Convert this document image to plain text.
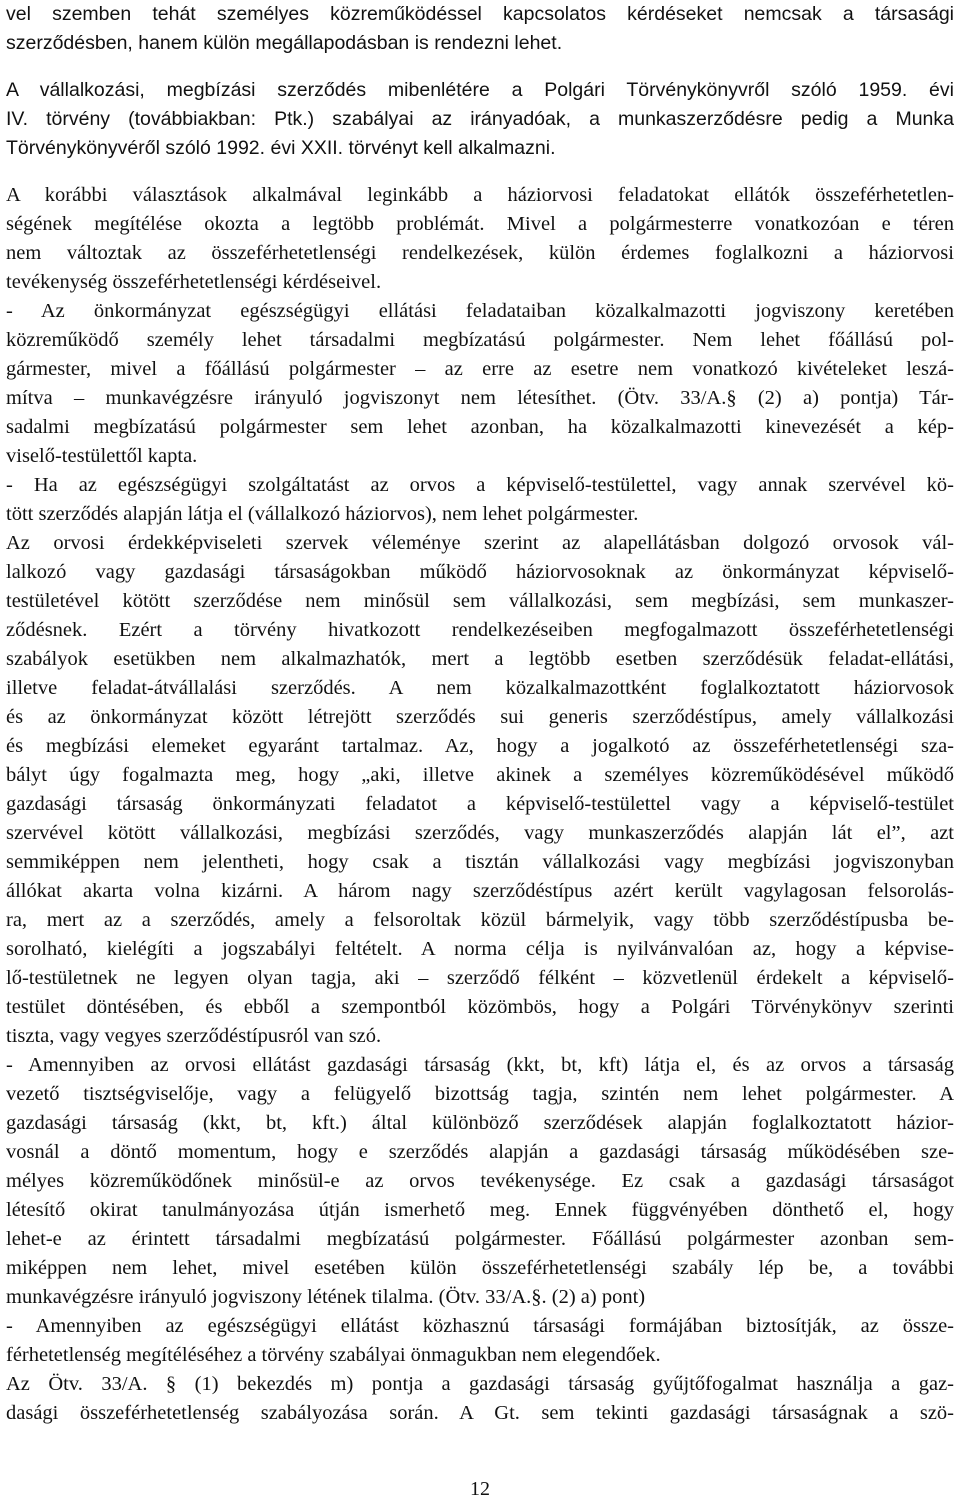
vel szemben tehát személyes közreműködéssel kapcsolatos kérdéseket nemcsak a társasági
szerződésben, hanem külön megállapodásban is rendezni lehet.
A vállalkozási, megbízási szerződés mibenlétére a Polgári Törvénykönyvről szóló 1959. évi
IV. törvény (továbbiakban: Ptk.) szabályai az irányadóak, a munkaszerződésre pedig a Munka
Törvénykönyvéről szóló 1992. évi XXII. törvényt kell alkalmazni.
A korábbi választások alkalmával leginkább a háziorvosi feladatokat ellátók összeférhetetlen-
ségének megítélése okozta a legtöbb problémát. Mivel a polgármesterre vonatkozóan e téren
nem változtak az összeférhetetlenségi rendelkezések, külön érdemes foglalkozni a háziorvosi
tevékenység összeférhetetlenségi kérdéseivel.
- Az önkormányzat egészségügyi ellátási feladataiban közalkalmazotti jogviszony keretében
közreműködő személy lehet társadalmi megbízatású polgármester. Nem lehet főállású pol-
gármester, mivel a főállású polgármester – az erre az esetre nem vonatkozó kivételeket leszá-
mítva – munkavégzésre irányuló jogviszonyt nem létesíthet. (Ötv. 33/A.§ (2) a) pontja) Tár-
sadalmi megbízatású polgármester sem lehet azonban, ha közalkalmazotti kinevezését a kép-
viselő-testülettől kapta.
- Ha az egészségügyi szolgáltatást az orvos a képviselő-testülettel, vagy annak szervével kö-
tött szerződés alapján látja el (vállalkozó háziorvos), nem lehet polgármester.
Az orvosi érdekképviseleti szervek véleménye szerint az alapellátásban dolgozó orvosok vál-
lalkozó vagy gazdasági társaságokban működő háziorvosoknak az önkormányzat képviselő-
testületével kötött szerződése nem minősül sem vállalkozási, sem megbízási, sem munkaszer-
ződésnek. Ezért a törvény hivatkozott rendelkezéseiben megfogalmazott összeférhetetlenségi
szabályok esetükben nem alkalmazhatók, mert a legtöbb esetben szerződésük feladat-ellátási,
illetve feladat-átvállalási szerződés. A nem közalkalmazottként foglalkoztatott háziorvosok
és az önkormányzat között létrejött szerződés sui generis szerződéstípus, amely vállalkozási
és megbízási elemeket egyaránt tartalmaz. Az, hogy a jogalkotó az összeférhetetlenségi sza-
bályt úgy fogalmazta meg, hogy „aki, illetve akinek a személyes közreműködésével működő
gazdasági társaság önkormányzati feladatot a képviselő-testülettel vagy a képviselő-testület
szervével kötött vállalkozási, megbízási szerződés, vagy munkaszerződés alapján lát el”, azt
semmiképpen nem jelentheti, hogy csak a tisztán vállalkozási vagy megbízási jogviszonyban
állókat akarta volna kizárni. A három nagy szerződéstípus azért került vagylagosan felsorolás-
ra, mert az a szerződés, amely a felsoroltak közül bármelyik, vagy több szerződéstípusba be-
sorolható, kielégíti a jogszabályi feltételt. A norma célja is nyilvánvalóan az, hogy a képvise-
lő-testületnek ne legyen olyan tagja, aki – szerződő félként – közvetlenül érdekelt a képviselő-
testület döntésében, és ebből a szempontból közömbös, hogy a Polgári Törvénykönyv szerinti
tiszta, vagy vegyes szerződéstípusról van szó.
- Amennyiben az orvosi ellátást gazdasági társaság (kkt, bt, kft) látja el, és az orvos a társaság
vezető tisztségviselője, vagy a felügyelő bizottság tagja, szintén nem lehet polgármester. A
gazdasági társaság (kkt, bt, kft.) által különböző szerződések alapján foglalkoztatott házior-
vosnál a döntő momentum, hogy e szerződés alapján a gazdasági társaság működésében sze-
mélyes közreműködőnek minősül-e az orvos tevékenysége. Ez csak a gazdasági társaságot
létesítő okirat tanulmányozása útján ismerhető meg. Ennek függvényében dönthető el, hogy
lehet-e az érintett társadalmi megbízatású polgármester. Főállású polgármester azonban sem-
miképpen nem lehet, mivel esetében külön összeférhetetlenségi szabály lép be, a további
munkavégzésre irányuló jogviszony létének tilalma. (Ötv. 33/A.§. (2) a) pont)
- Amennyiben az egészségügyi ellátást közhasznú társasági formájában biztosítják, az össze-
férhetetlenség megítéléséhez a törvény szabályai önmagukban nem elegendőek.
Az Ötv. 33/A. § (1) bekezdés m) pontja a gazdasági társaság gyűjtőfogalmat használja a gaz-
dasági összeférhetetlenség szabályozása során. A Gt. sem tekinti gazdasági társaságnak a szö-
12
